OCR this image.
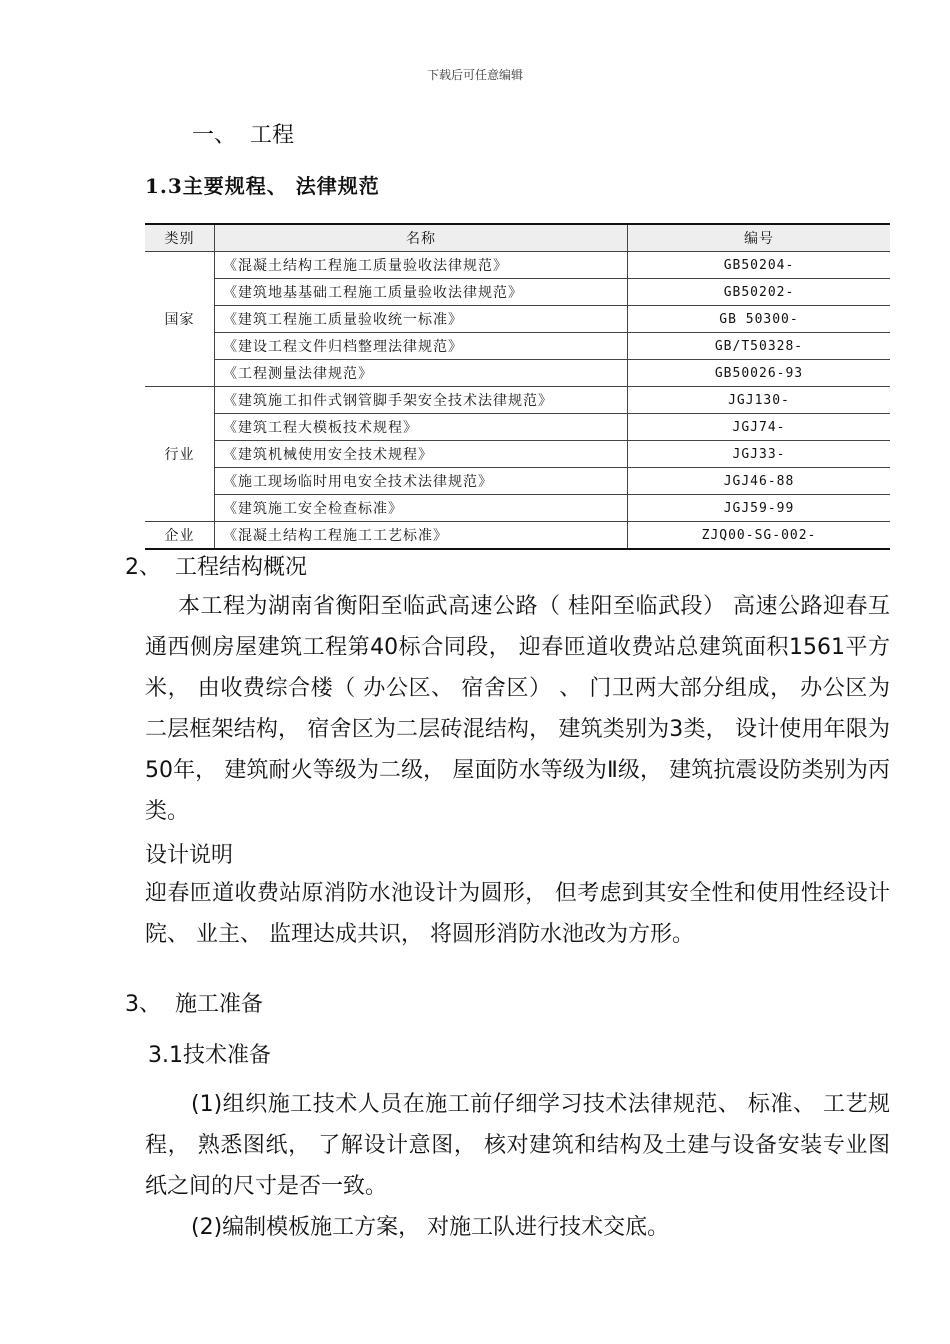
下载后可任意编辑
一、  工程
1.3主要规程、 法律规范
类别	名称	编号
国家	《混凝土结构工程施工质量验收法律规范》	GB50204-
	《建筑地基基础工程施工质量验收法律规范》	GB50202-
	《建筑工程施工质量验收统一标准》	GB 50300-
	《建设工程文件归档整理法律规范》	GB/T50328-
	《工程测量法律规范》	GB50026-93
行业	《建筑施工扣件式钢管脚手架安全技术法律规范》	JGJ130-
	《建筑工程大模板技术规程》	JGJ74-
	《建筑机械使用安全技术规程》	JGJ33-
	《施工现场临时用电安全技术法律规范》	JGJ46-88
	《建筑施工安全检查标准》	JGJ59-99
企业	《混凝土结构工程施工工艺标准》	ZJQ00-SG-002-
2、  工程结构概况
本工程为湖南省衡阳至临武高速公路（ 桂阳至临武段） 高速公路迎春互通西侧房屋建筑工程第40标合同段， 迎春匝道收费站总建筑面积1561平方米， 由收费综合楼（ 办公区、 宿舍区） 、 门卫两大部分组成， 办公区为二层框架结构， 宿舍区为二层砖混结构， 建筑类别为3类， 设计使用年限为50年， 建筑耐火等级为二级， 屋面防水等级为Ⅱ级， 建筑抗震设防类别为丙类。
设计说明
迎春匝道收费站原消防水池设计为圆形， 但考虑到其安全性和使用性经设计院、 业主、 监理达成共识， 将圆形消防水池改为方形。
3、  施工准备
3.1技术准备
(1)组织施工技术人员在施工前仔细学习技术法律规范、 标准、 工艺规程， 熟悉图纸， 了解设计意图， 核对建筑和结构及土建与设备安装专业图纸之间的尺寸是否一致。
(2)编制模板施工方案， 对施工队进行技术交底。
